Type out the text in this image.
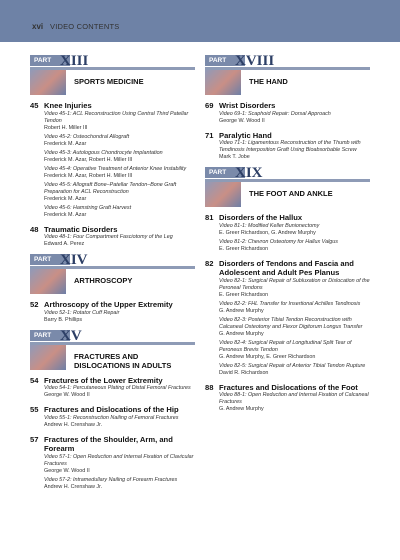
xvi VIDEO CONTENTS
PART XIII
SPORTS MEDICINE
45 Knee Injuries
Video 45-1: ACL Reconstruction Using Central Third Patellar Tendon
Robert H. Miller III
Video 45-2: Osteochondral Allograft
Frederick M. Azar
Video 45-3: Autologous Chondrocyte Implantation
Frederick M. Azar, Robert H. Miller III
Video 45-4: Operative Treatment of Anterior Knee Instability
Frederick M. Azar, Robert H. Miller III
Video 45-5: Allograft Bone–Patellar Tendon–Bone Graft Preparation for ACL Reconstruction
Frederick M. Azar
Video 45-6: Hamstring Graft Harvest
Frederick M. Azar
48 Traumatic Disorders
Video 48-1: Four Compartment Fasciotomy of the Leg
Edward A. Perez
PART XIV
ARTHROSCOPY
52 Arthroscopy of the Upper Extremity
Video 52-1: Rotator Cuff Repair
Barry B. Phillips
PART XV
FRACTURES AND DISLOCATIONS IN ADULTS
54 Fractures of the Lower Extremity
Video 54-1: Percutaneous Plating of Distal Femoral Fractures
George W. Wood II
55 Fractures and Dislocations of the Hip
Video 55-1: Reconstruction Nailing of Femoral Fractures
Andrew H. Crenshaw Jr.
57 Fractures of the Shoulder, Arm, and Forearm
Video 57-1: Open Reduction and Internal Fixation of Clavicular Fractures
George W. Wood II
Video 57-2: Intramedullary Nailing of Forearm Fractures
Andrew H. Crenshaw Jr.
PART XVIII
THE HAND
69 Wrist Disorders
Video 69-1: Scaphoid Repair: Dorsal Approach
George W. Wood II
71 Paralytic Hand
Video 71-1: Ligamentous Reconstruction of the Thumb with Tendinosis Interposition Graft Using Bioabsorbable Screw
Mark T. Jobe
PART XIX
THE FOOT AND ANKLE
81 Disorders of the Hallux
Video 81-1: Modified Keller Bunionectomy
E. Greer Richardson, G. Andrew Murphy
Video 81-2: Chevron Osteotomy for Hallux Valgus
E. Greer Richardson
82 Disorders of Tendons and Fascia and Adolescent and Adult Pes Planus
Video 82-1: Surgical Repair of Subluxation or Dislocation of the Peroneal Tendons
E. Greer Richardson
Video 82-2: FHL Transfer for Insertional Achilles Tendinosis
G. Andrew Murphy
Video 82-3: Posterior Tibial Tendon Reconstruction with Calcaneal Osteotomy and Flexor Digitorum Longus Transfer
G. Andrew Murphy
Video 82-4: Surgical Repair of Longitudinal Split Tear of Peroneus Brevis Tendon
G. Andrew Murphy, E. Greer Richardson
Video 82-5: Surgical Repair of Anterior Tibial Tendon Rupture
David R. Richardson
88 Fractures and Dislocations of the Foot
Video 88-1: Open Reduction and Internal Fixation of Calcaneal Fractures
G. Andrew Murphy
